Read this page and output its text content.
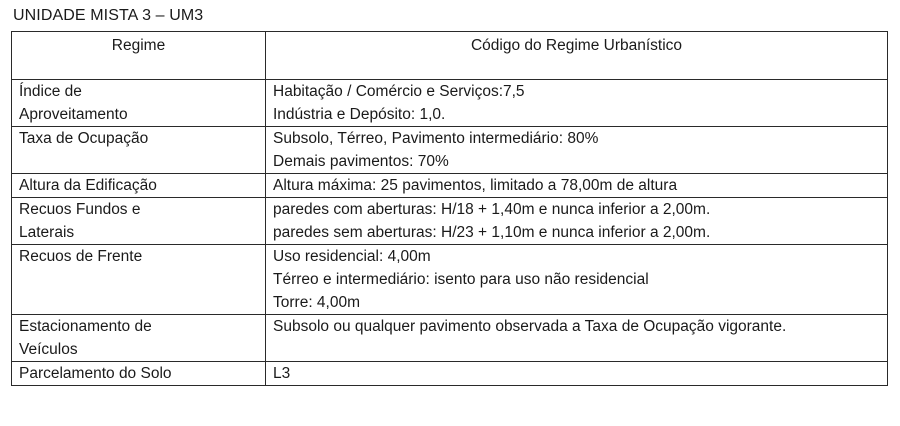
UNIDADE MISTA 3 – UM3
Regime	Código do Regime Urbanístico

Índice de
Aproveitamento	Habitação / Comércio e Serviços:7,5
Indústria e Depósito: 1,0.

Taxa de Ocupação	Subsolo, Térreo, Pavimento intermediário: 80%
Demais pavimentos: 70%

Altura da Edificação	Altura máxima: 25 pavimentos, limitado a 78,00m de altura

Recuos Fundos e
Laterais	paredes com aberturas: H/18 + 1,40m e nunca inferior a 2,00m.
paredes sem aberturas: H/23 + 1,10m e nunca inferior a 2,00m.

Recuos de Frente	Uso residencial: 4,00m
Térreo e intermediário: isento para uso não residencial
Torre: 4,00m

Estacionamento de
Veículos	Subsolo ou qualquer pavimento observada a Taxa de Ocupação vigorante.

Parcelamento do Solo	L3
